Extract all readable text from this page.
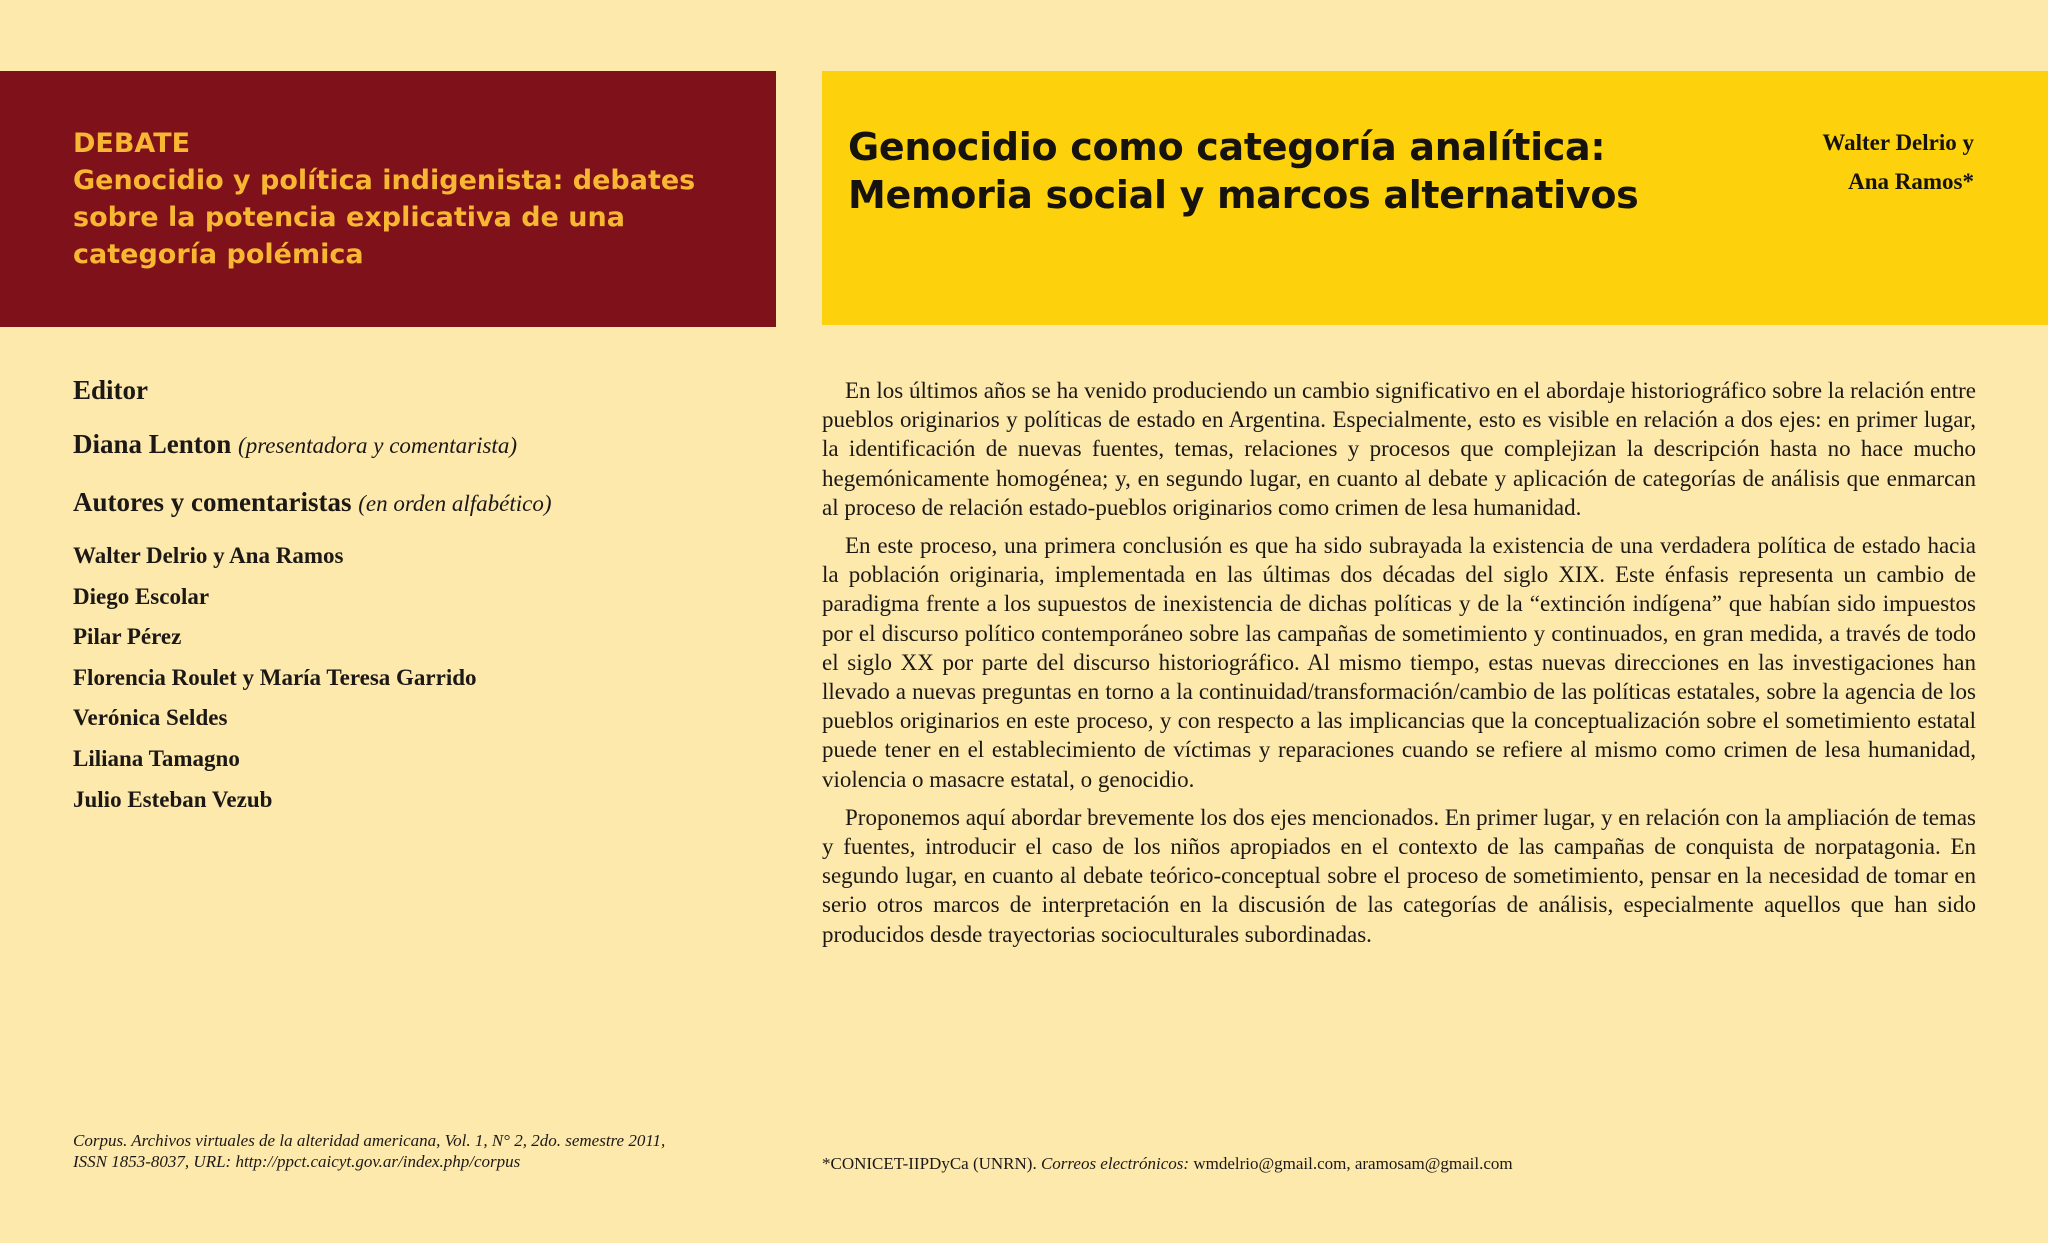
DEBATE
Genocidio y política indigenista: debates sobre la potencia explicativa de una categoría polémica
Genocidio como categoría analítica:
Memoria social y marcos alternativos
Walter Delrio y
Ana Ramos*

Editor

Diana Lenton (presentadora y comentarista)

Autores y comentaristas (en orden alfabético)

Walter Delrio y Ana Ramos
Diego Escolar
Pilar Pérez
Florencia Roulet y María Teresa Garrido
Verónica Seldes
Liliana Tamagno
Julio Esteban Vezub

En los últimos años se ha venido produciendo un cambio significativo en el abordaje historiográfico sobre la relación entre pueblos originarios y políticas de estado en Argentina. Especialmente, esto es visible en relación a dos ejes: en primer lugar, la identificación de nuevas fuentes, temas, relaciones y procesos que complejizan la descripción hasta no hace mucho hegemónicamente homogénea; y, en segundo lugar, en cuanto al debate y aplicación de categorías de análisis que enmarcan al proceso de relación estado-pueblos originarios como crimen de lesa humanidad.

En este proceso, una primera conclusión es que ha sido subrayada la existencia de una verdadera política de estado hacia la población originaria, implementada en las últimas dos décadas del siglo XIX. Este énfasis representa un cambio de paradigma frente a los supuestos de inexistencia de dichas políticas y de la “extinción indígena” que habían sido impuestos por el discurso político contemporáneo sobre las campañas de sometimiento y continuados, en gran medida, a través de todo el siglo XX por parte del discurso historiográfico. Al mismo tiempo, estas nuevas direcciones en las investigaciones han llevado a nuevas preguntas en torno a la continuidad/transformación/cambio de las políticas estatales, sobre la agencia de los pueblos originarios en este proceso, y con respecto a las implicancias que la conceptualización sobre el sometimiento estatal puede tener en el establecimiento de víctimas y reparaciones cuando se refiere al mismo como crimen de lesa humanidad, violencia o masacre estatal, o genocidio.

Proponemos aquí abordar brevemente los dos ejes mencionados. En primer lugar, y en relación con la ampliación de temas y fuentes, introducir el caso de los niños apropiados en el contexto de las campañas de conquista de norpatagonia. En segundo lugar, en cuanto al debate teórico-conceptual sobre el proceso de sometimiento, pensar en la necesidad de tomar en serio otros marcos de interpretación en la discusión de las categorías de análisis, especialmente aquellos que han sido producidos desde trayectorias socioculturales subordinadas.

Corpus. Archivos virtuales de la alteridad americana, Vol. 1, N° 2, 2do. semestre 2011,
ISSN 1853-8037, URL: http://ppct.caicyt.gov.ar/index.php/corpus	*CONICET-IIPDyCa (UNRN). Correos electrónicos: wmdelrio@gmail.com, aramosam@gmail.com
